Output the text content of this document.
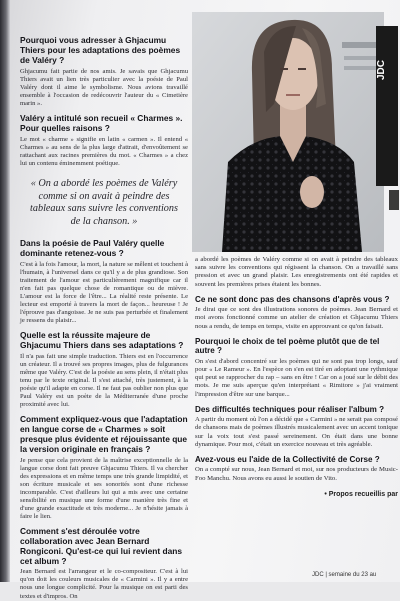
JDC
Pourquoi vous adresser à Ghjacumu Thiers pour les adaptations des poèmes de Valéry ?
Ghjacumu fait partie de nos amis. Je savais que Ghjacumu Thiers avait un lien très particulier avec la poésie de Paul Valéry dont il aime le symbolisme. Nous avions travaillé ensemble à l'occasion de redécouvrir l'auteur du « Cimetière marin ».
Valéry a intitulé son recueil « Charmes ». Pour quelles raisons ?
Le mot « charme » signifie en latin « carmen ». Il entend « Charmes » au sens de la plus large d'attrait, d'envoûtement se rattachant aux racines premières du mot. « Charmes » a chez lui un contenu éminemment poétique.
« On a abordé les poèmes de Valéry comme si on avait à peindre des tableaux sans suivre les conventions de la chanson. »
Dans la poésie de Paul Valéry quelle dominante retenez-vous ?
C'est à la fois l'amour, la mort, la nature se mêlent et touchent à l'humain, à l'universel dans ce qu'il y a de plus grandiose. Son traitement de l'amour est particulièrement magnifique car il n'en fait pas quelque chose de romantique ou de mièvre. L'amour est la force de l'être... La réalité reste présente. Le lecteur est emporté à travers la mort de façon... heureuse ! Je l'éprouve pas d'angoisse. Je ne suis pas perturbée et finalement je ressens du plaisir...
Quelle est la réussite majeure de Ghjacumu Thiers dans ses adaptations ?
Il n'a pas fait une simple traduction. Thiers est en l'occurrence un créateur. Il a trouvé ses propres images, plus de fulgurances même que Valéry. C'est de la poésie au sens plein, il n'était plus tenu par le texte original. Il s'est attaché, très justement, à la poésie qu'il adapte en corse. Il ne faut pas oublier non plus que Paul Valéry est un poète de la Méditerranée d'une proche proximité avec lui.
Comment expliquez-vous que l'adaptation en langue corse de « Charmes » soit presque plus évidente et réjouissante que la version originale en français ?
Je pense que cela provient de la maîtrise exceptionnelle de la langue corse dont fait preuve Ghjacumu Thiers. Il va chercher des expressions et en même temps une très grande limpidité, et son écriture musicale et ses sonorités sont d'une richesse incomparable. C'est d'ailleurs lui qui a mis avec une certaine sensibilité en musique une forme d'une manière très fine et d'une grande exactitude et très moderne... Je n'hésite jamais à faire le lien.
Comment s'est déroulée votre collaboration avec Jean Bernard Rongiconi. Qu'est-ce qui lui revient dans cet album ?
Jean Bernard est l'arrangeur et le co-compositeur. C'est à lui qu'on doit les couleurs musicales de « Carmini ». Il y a entre nous une longue complicité. Pour la musique on est parti des textes et d'impros. On
a abordé les poèmes de Valéry comme si on avait à peindre des tableaux sans suivre les conventions qui régissent la chanson. On a travaillé sans pression et avec un grand plaisir. Les enregistrements ont été rapides et souvent les premières prises étaient les bonnes.
Ce ne sont donc pas des chansons d'après vous ?
Je dirai que ce sont des illustrations sonores de poèmes. Jean Bernard et moi avons fonctionné comme un atelier de création et Ghjacumu Thiers nous a rendu, de temps en temps, visite en approuvant ce qu'on faisait.
Pourquoi le choix de tel poème plutôt que de tel autre ?
On s'est d'abord concentré sur les poèmes qui ne sont pas trop longs, sauf pour « Le Rameur ». En l'espèce on s'en est tiré en adoptant une rythmique qui peut se rapprocher du rap – sans en être ! Car on a joué sur le débit des mots. Je me suis aperçue qu'en interprétant « Rimitore » j'ai vraiment l'impression d'être sur une barque...
Des difficultés techniques pour réaliser l'album ?
A partir du moment où l'on a décidé que « Carmini » ne serait pas composé de chansons mais de poèmes illustrés musicalement avec un accent tonique sur la voix tout s'est passé sereinement. On était dans une bonne dynamique. Pour moi, c'était un exercice nouveau et très agréable.
Avez-vous eu l'aide de la Collectivité de Corse ?
On a compté sur nous, Jean Bernard et moi, sur nos producteurs de Music-Foo Manchu. Nous avons eu aussi le soutien de Vito.
• Propos recueillis par
JDC | semaine du 23 au
